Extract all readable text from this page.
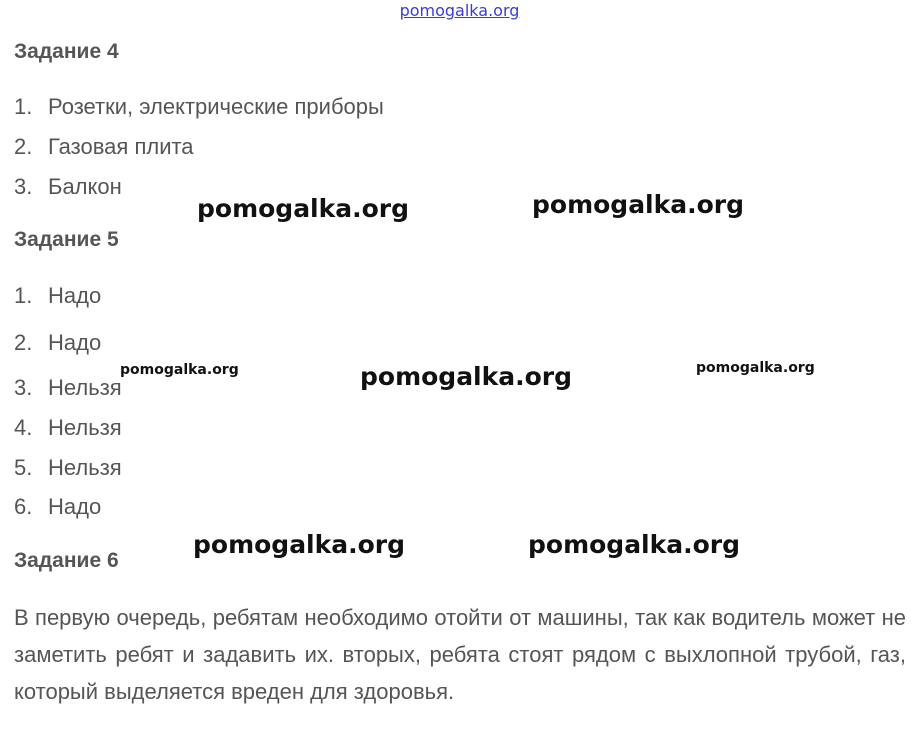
pomogalka.org
Задание 4
1. Розетки, электрические приборы
2. Газовая плита
3. Балкон
Задание 5
1. Надо
2. Надо
3. Нельзя
4. Нельзя
5. Нельзя
6. Надо
Задание 6

В первую очередь, ребятам необходимо отойти от машины, так как водитель может не заметить ребят и задавить их. вторых, ребята стоят рядом с выхлопной трубой, газ, который выделяется вреден для здоровья.

pomogalka.org	pomogalka.org
pomogalka.org	pomogalka.org	pomogalka.org
pomogalka.org	pomogalka.org
